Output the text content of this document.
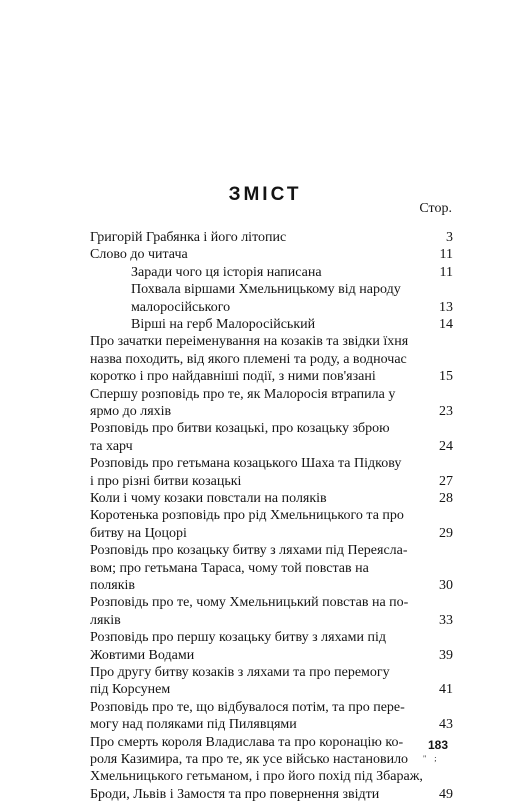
ЗМІСТ
Стор.
Григорій Грабянка і його літопис	3
Слово до читача	11
Заради чого ця історія написана	11
Похвала віршами Хмельницькому від народу
малоросійського	13
Вірші на герб Малоросійський	14
Про зачатки переіменування на козаків та звідки їхня
назва походить, від якого племені та роду, а водночас
коротко і про найдавніші події, з ними пов'язані	15
Спершу розповідь про те, як Малоросія втрапила у
ярмо до ляхів	23
Розповідь про битви козацькі, про козацьку зброю
та харч	24
Розповідь про гетьмана козацького Шаха та Підкову
і про різні битви козацькі	27
Коли і чому козаки повстали на поляків	28
Коротенька розповідь про рід Хмельницького та про
битву на Цоцорі	29
Розповідь про козацьку битву з ляхами під Переясла-
вом; про гетьмана Тараса, чому той повстав на
поляків	30
Розповідь про те, чому Хмельницький повстав на по-
ляків	33
Розповідь про першу козацьку битву з ляхами під
Жовтими Водами	39
Про другу битву козаків з ляхами та про перемогу
під Корсунем	41
Розповідь про те, що відбувалося потім, та про пере-
могу над поляками під Пилявцями	43
Про смерть короля Владислава та про коронацію ко-
роля Казимира, та про те, як усе військо настановило
Хмельницького гетьманом, і про його похід під Збараж,
Броди, Львів і Замостя та про повернення звідти	49
183
" ;
